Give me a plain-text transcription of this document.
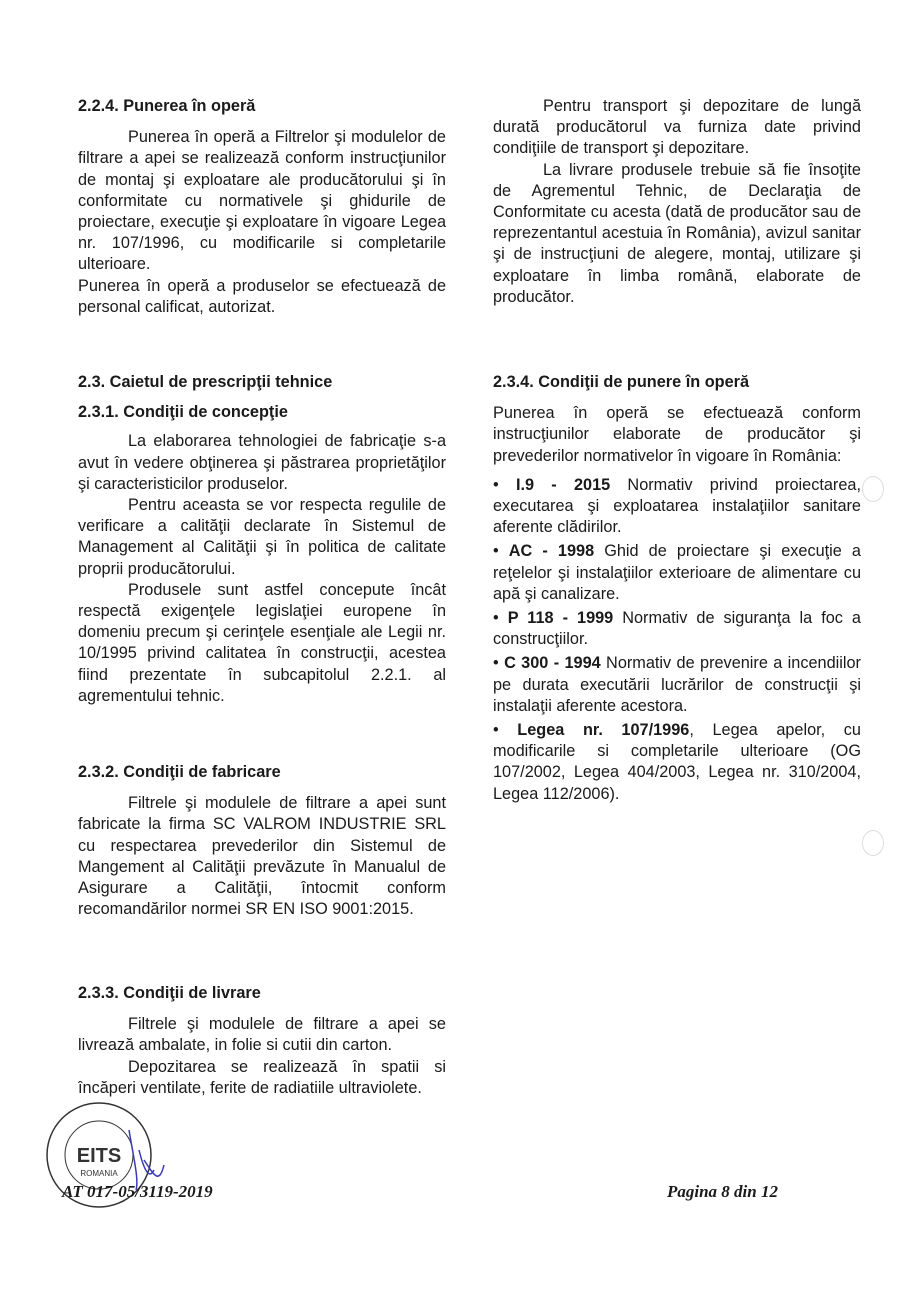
2.2.4. Punerea în operă

Punerea în operă a Filtrelor şi modulelor de filtrare a apei se realizează conform instrucţiunilor de montaj şi exploatare ale producătorului şi în conformitate cu normativele şi ghidurile de proiectare, execuţie şi exploatare în vigoare Legea nr. 107/1996, cu modificarile si completarile ulterioare.

Punerea în operă a produselor se efectuează de personal calificat, autorizat.

2.3. Caietul de prescripţii tehnice
2.3.1. Condiţii de concepţie

La elaborarea tehnologiei de fabricaţie s-a avut în vedere obţinerea şi păstrarea proprietăţilor şi caracteristicilor produselor.

Pentru aceasta se vor respecta regulile de verificare a calităţii declarate în Sistemul de Management al Calităţii şi în politica de calitate proprii producătorului.

Produsele sunt astfel concepute încât respectă exigenţele legislaţiei europene în domeniu precum şi cerinţele esenţiale ale Legii nr. 10/1995 privind calitatea în construcţii, acestea fiind prezentate în subcapitolul 2.2.1. al agrementului tehnic.

2.3.2. Condiţii de fabricare

Filtrele şi modulele de filtrare a apei sunt fabricate la firma SC VALROM INDUSTRIE SRL cu respectarea prevederilor din Sistemul de Mangement al Calităţii prevăzute în Manualul de Asigurare a Calităţii, întocmit conform recomandărilor normei SR EN ISO 9001:2015.

2.3.3. Condiţii de livrare

Filtrele şi modulele de filtrare a apei se livrează ambalate, in folie si cutii din carton.

Depozitarea se realizează în spatii si încăperi ventilate, ferite de radiatiile ultraviolete.

Pentru transport şi depozitare de lungă durată producătorul va furniza date privind condiţiile de transport şi depozitare.

La livrare produsele trebuie să fie însoţite de Agrementul Tehnic, de Declaraţia de Conformitate cu acesta (dată de producător sau de reprezentantul acestuia în România), avizul sanitar şi de instrucţiuni de alegere, montaj, utilizare şi exploatare în limba română, elaborate de producător.

2.3.4. Condiţii de punere în operă

Punerea în operă se efectuează conform instrucţiunilor elaborate de producător şi prevederilor normativelor în vigoare în România:

• I.9 - 2015 Normativ privind proiectarea, executarea şi exploatarea instalaţiilor sanitare aferente clădirilor.

• AC - 1998 Ghid de proiectare şi execuţie a reţelelor şi instalaţiilor exterioare de alimentare cu apă şi canalizare.

• P 118 - 1999 Normativ de siguranţa la foc a construcţiilor.

• C 300 - 1994 Normativ de prevenire a incendiilor pe durata executării lucrărilor de construcţii şi instalaţii aferente acestora.

• Legea nr. 107/1996, Legea apelor, cu modificarile si completarile ulterioare (OG 107/2002, Legea 404/2003, Legea nr. 310/2004, Legea 112/2006).

EITS
ROMANIA
AT 017-05/3119-2019	Pagina 8 din 12
